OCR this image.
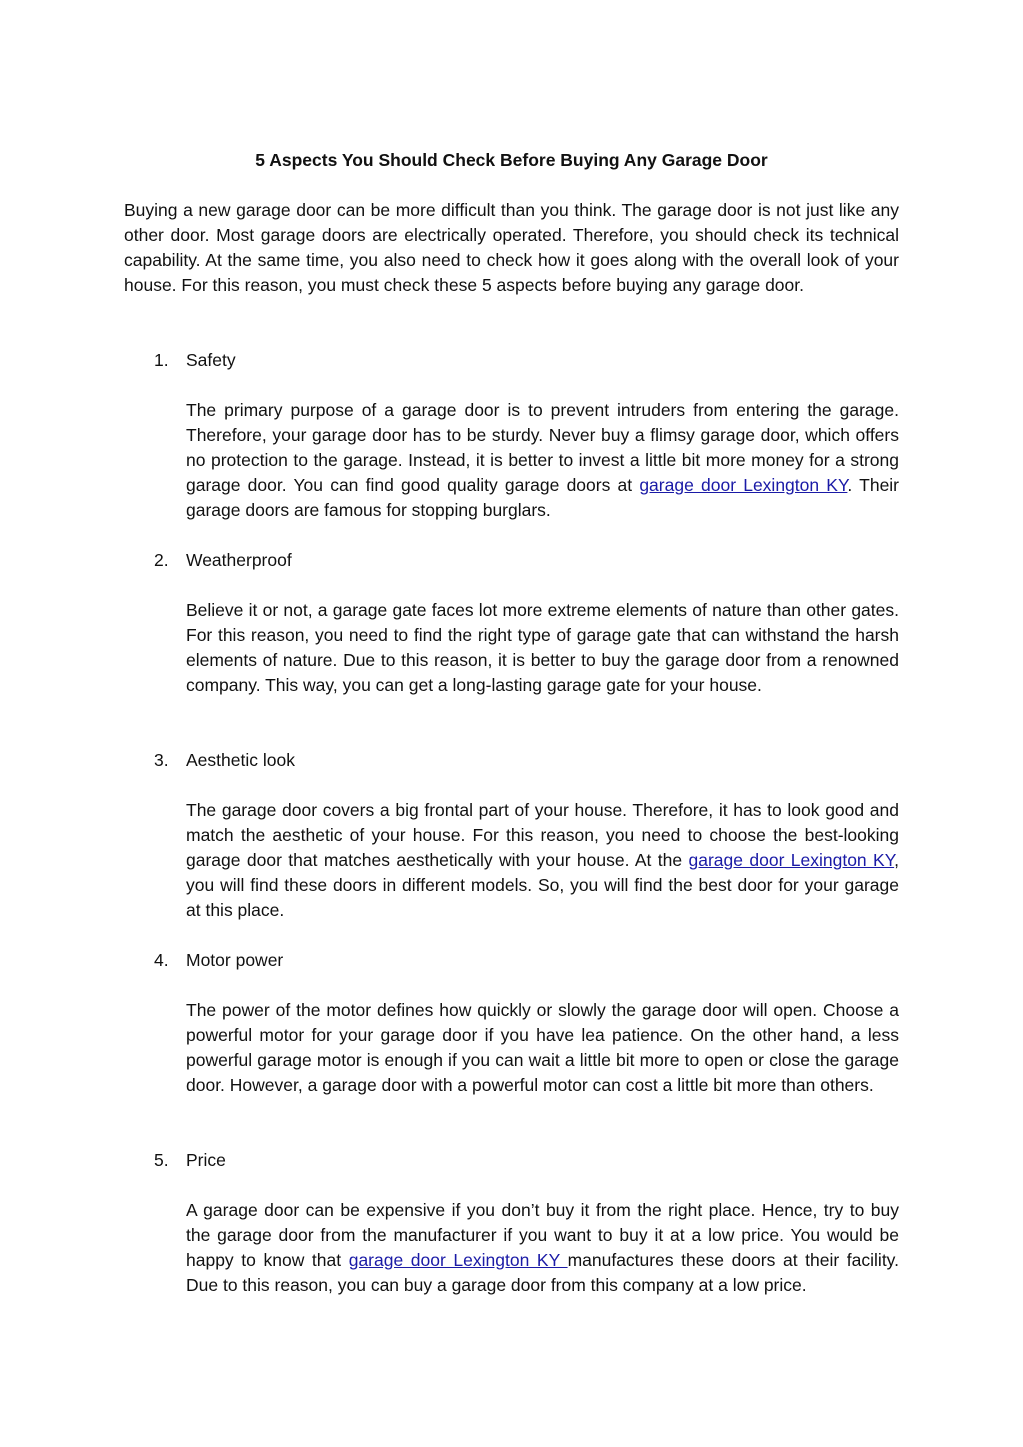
5 Aspects You Should Check Before Buying Any Garage Door

Buying a new garage door can be more difficult than you think. The garage door is not just like any other door. Most garage doors are electrically operated. Therefore, you should check its technical capability. At the same time, you also need to check how it goes along with the overall look of your house. For this reason, you must check these 5 aspects before buying any garage door.

1. Safety

The primary purpose of a garage door is to prevent intruders from entering the garage. Therefore, your garage door has to be sturdy. Never buy a flimsy garage door, which offers no protection to the garage. Instead, it is better to invest a little bit more money for a strong garage door. You can find good quality garage doors at garage door Lexington KY. Their garage doors are famous for stopping burglars.

2. Weatherproof

Believe it or not, a garage gate faces lot more extreme elements of nature than other gates. For this reason, you need to find the right type of garage gate that can withstand the harsh elements of nature. Due to this reason, it is better to buy the garage door from a renowned company. This way, you can get a long-lasting garage gate for your house.

3. Aesthetic look

The garage door covers a big frontal part of your house. Therefore, it has to look good and match the aesthetic of your house. For this reason, you need to choose the best-looking garage door that matches aesthetically with your house. At the garage door Lexington KY, you will find these doors in different models. So, you will find the best door for your garage at this place.

4. Motor power

The power of the motor defines how quickly or slowly the garage door will open. Choose a powerful motor for your garage door if you have lea patience. On the other hand, a less powerful garage motor is enough if you can wait a little bit more to open or close the garage door. However, a garage door with a powerful motor can cost a little bit more than others.

5. Price

A garage door can be expensive if you don’t buy it from the right place. Hence, try to buy the garage door from the manufacturer if you want to buy it at a low price. You would be happy to know that garage door Lexington KY manufactures these doors at their facility. Due to this reason, you can buy a garage door from this company at a low price.
